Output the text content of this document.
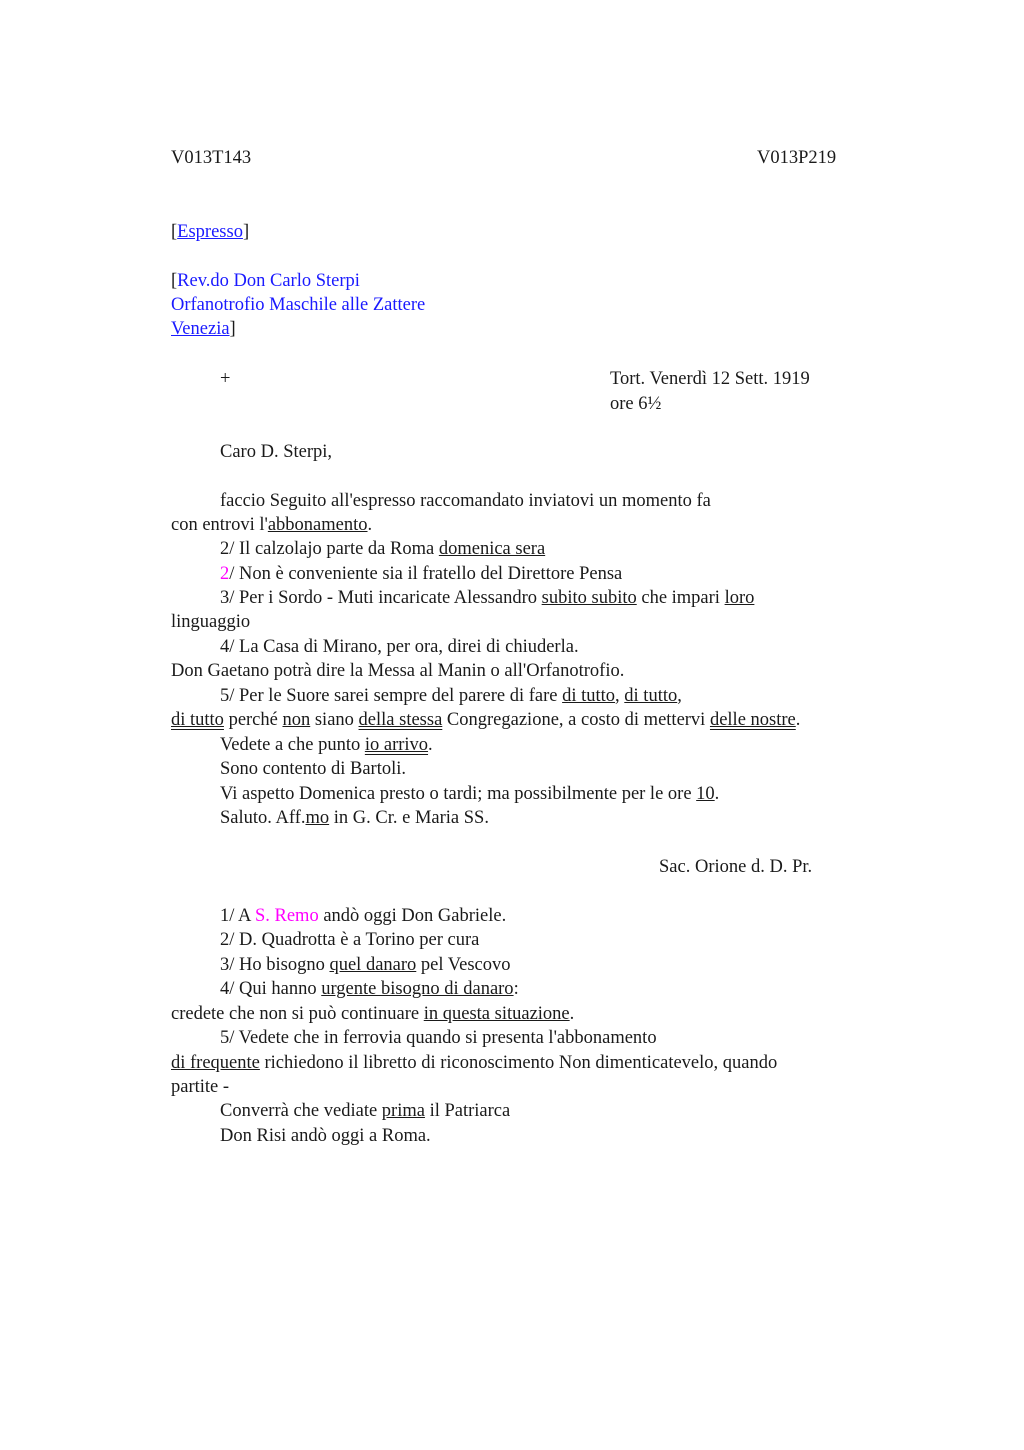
V013T143	V013P219
[Espresso]
[Rev.do Don Carlo Sterpi
Orfanotrofio Maschile alle Zattere
Venezia]
+	Tort. Venerdì 12 Sett. 1919
ore 6½
Caro D. Sterpi,
faccio Seguito all'espresso raccomandato inviatovi un momento fa
con entrovi l'abbonamento.
2/ Il calzolajo parte da Roma domenica sera
2/ Non è conveniente sia il fratello del Direttore Pensa
3/ Per i Sordo - Muti incaricate Alessandro subito subito che impari loro
linguaggio
4/ La Casa di Mirano, per ora, direi di chiuderla.
Don Gaetano potrà dire la Messa al Manin o all'Orfanotrofio.
5/ Per le Suore sarei sempre del parere di fare di tutto, di tutto,
di tutto perché non siano della stessa Congregazione, a costo di mettervi delle nostre.
Vedete a che punto io arrivo.
Sono contento di Bartoli.
Vi aspetto Domenica presto o tardi; ma possibilmente per le ore 10.
Saluto. Aff.mo in G. Cr. e Maria SS.
Sac. Orione d. D. Pr.
1/ A S. Remo andò oggi Don Gabriele.
2/ D. Quadrotta è a Torino per cura
3/ Ho bisogno quel danaro pel Vescovo
4/ Qui hanno urgente bisogno di danaro:
credete che non si può continuare in questa situazione.
5/ Vedete che in ferrovia quando si presenta l'abbonamento
di frequente richiedono il libretto di riconoscimento Non dimenticatevelo, quando
partite -
Converrà che vediate prima il Patriarca
Don Risi andò oggi a Roma.
